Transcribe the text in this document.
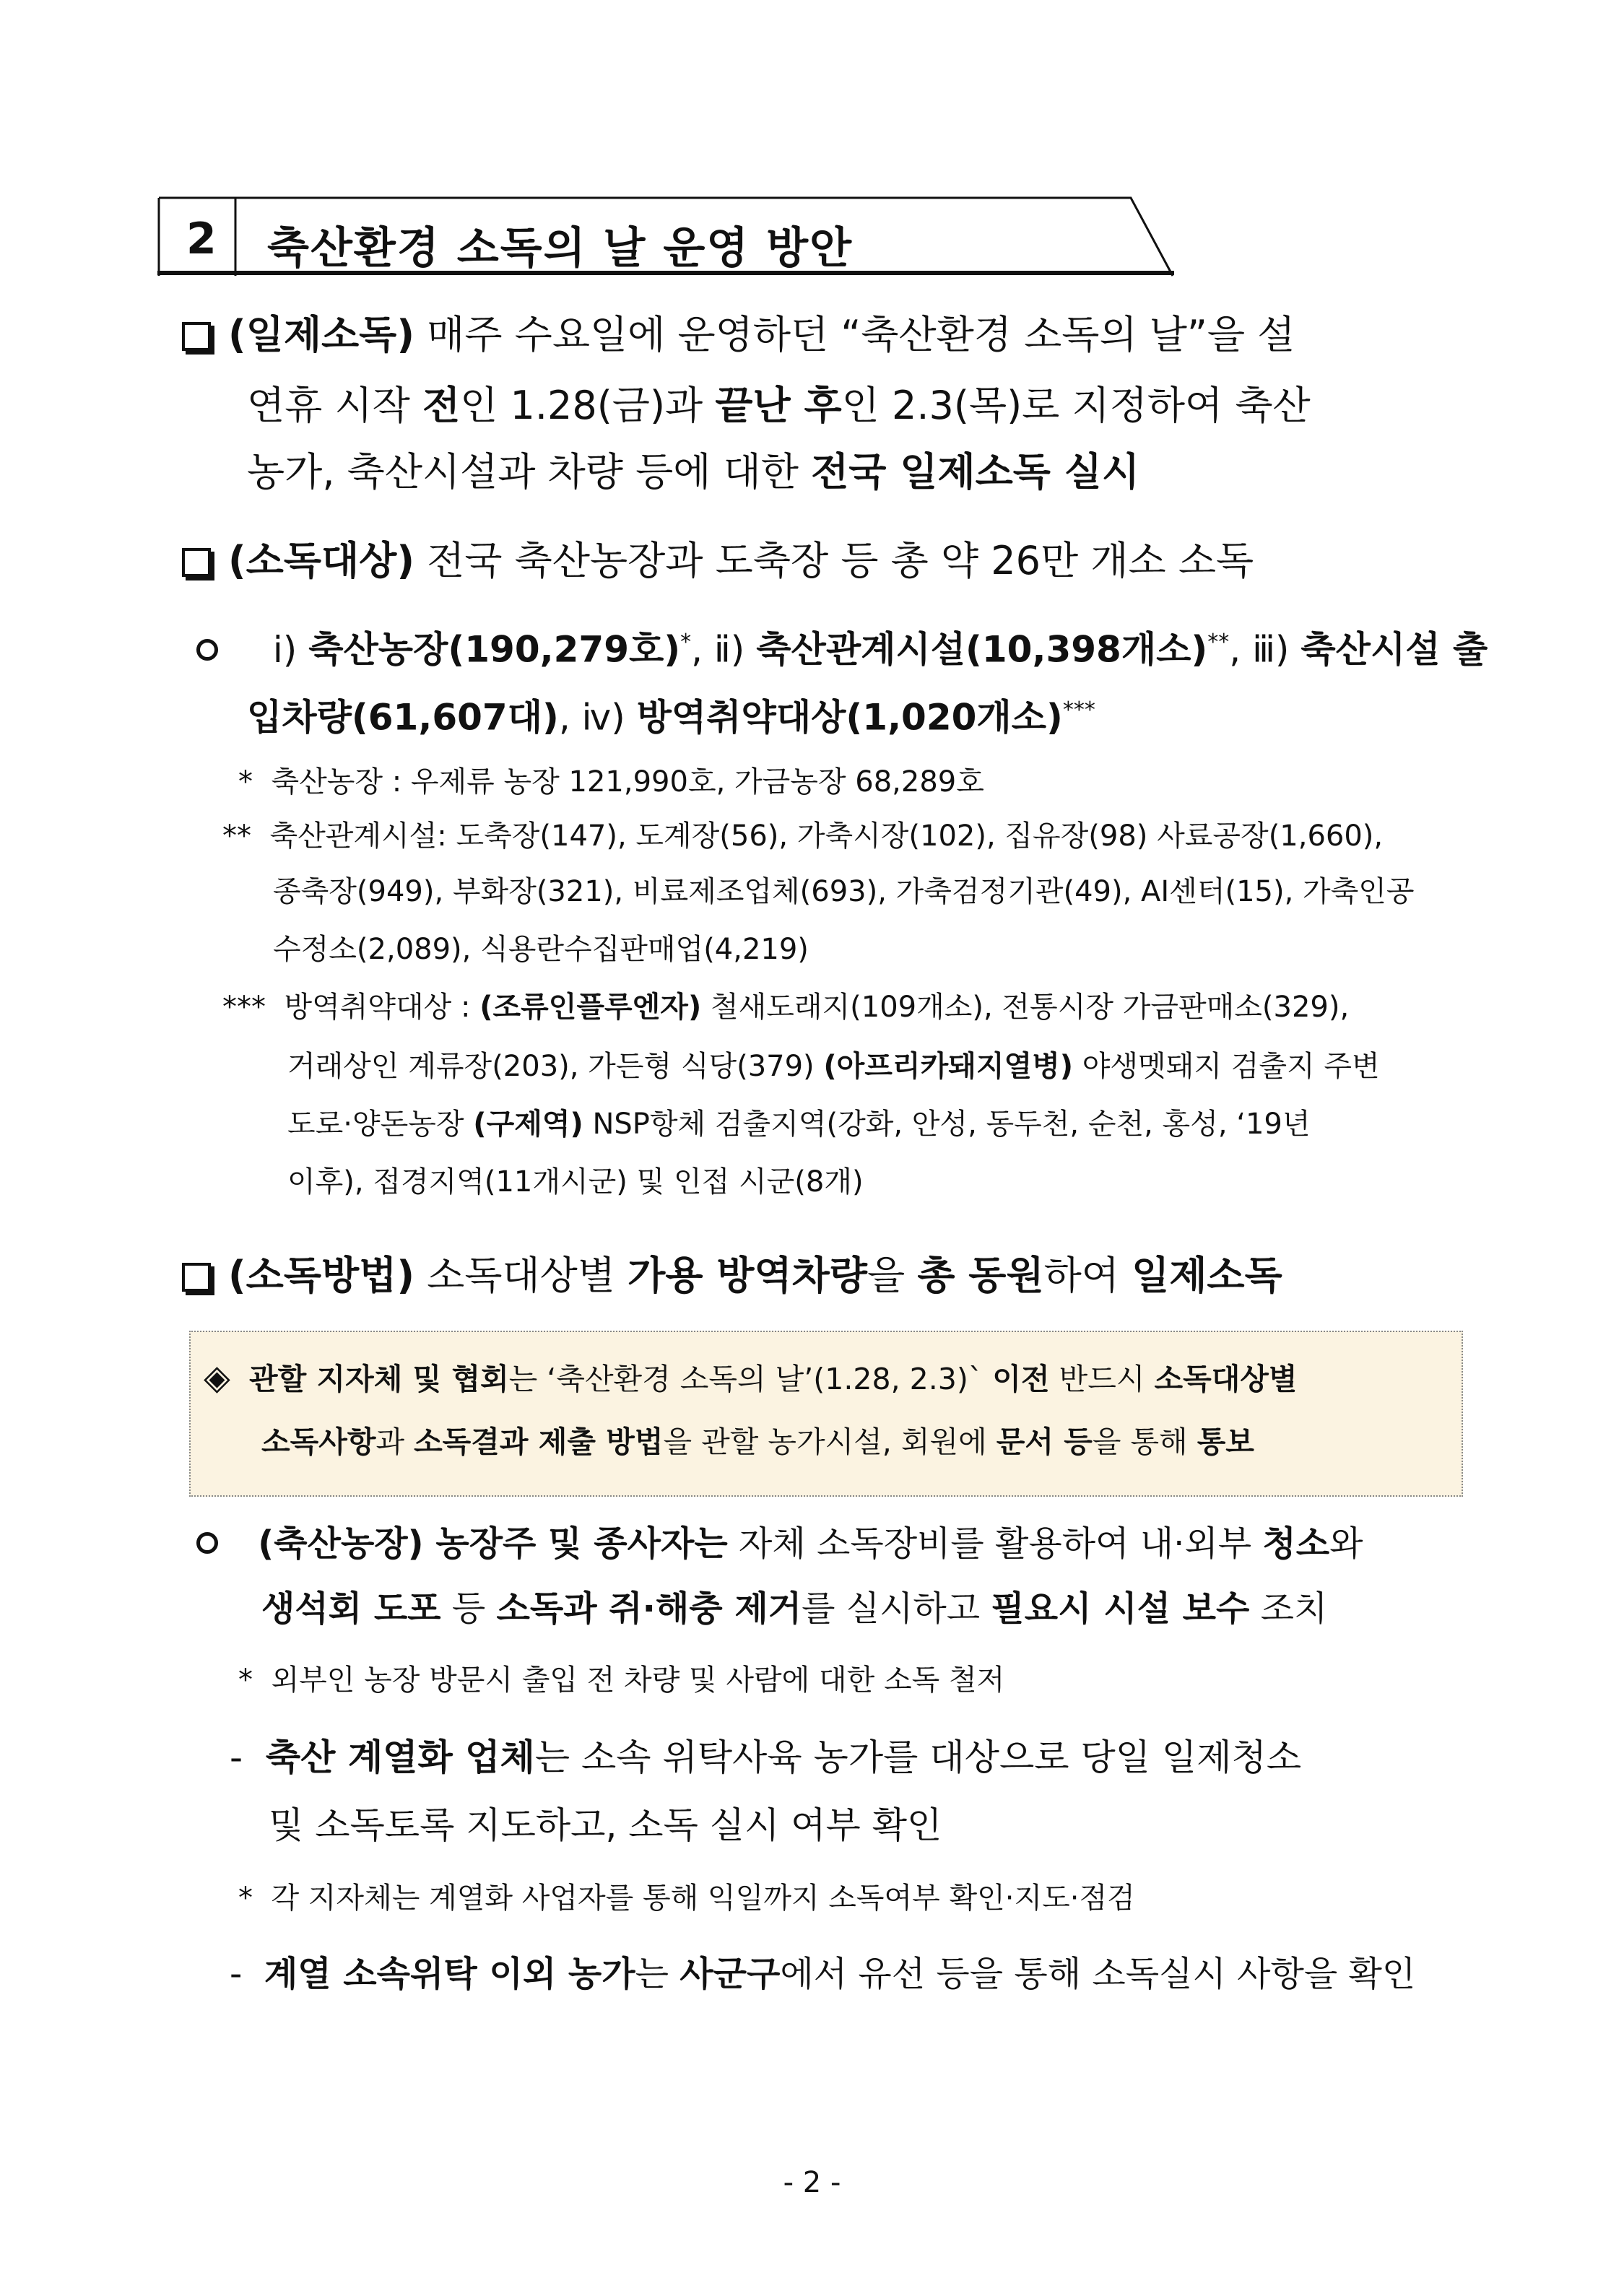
2 축산환경 소독의 날 운영 방안
(일제소독) 매주 수요일에 운영하던 “축산환경 소독의 날”을 설
연휴 시작 전인 1.28(금)과 끝난 후인 2.3(목)로 지정하여 축산
농가, 축산시설과 차량 등에 대한 전국 일제소독 실시
(소독대상) 전국 축산농장과 도축장 등 총 약 26만 개소 소독
ⅰ) 축산농장(190,279호)*, ⅱ) 축산관계시설(10,398개소)**, ⅲ) 축산시설 출
입차량(61,607대), ⅳ) 방역취약대상(1,020개소)***
* 축산농장 : 우제류 농장 121,990호, 가금농장 68,289호
** 축산관계시설: 도축장(147), 도계장(56), 가축시장(102), 집유장(98) 사료공장(1,660),
종축장(949), 부화장(321), 비료제조업체(693), 가축검정기관(49), AI센터(15), 가축인공
수정소(2,089), 식용란수집판매업(4,219)
*** 방역취약대상 : (조류인플루엔자) 철새도래지(109개소), 전통시장 가금판매소(329),
거래상인 계류장(203), 가든형 식당(379) (아프리카돼지열병) 야생멧돼지 검출지 주변
도로·양돈농장 (구제역) NSP항체 검출지역(강화, 안성, 동두천, 순천, 홍성, ‘19년
이후), 접경지역(11개시군) 및 인접 시군(8개)
(소독방법) 소독대상별 가용 방역차량을 총 동원하여 일제소독
◈ 관할 지자체 및 협회는 ‘축산환경 소독의 날’(1.28, 2.3)` 이전 반드시 소독대상별
소독사항과 소독결과 제출 방법을 관할 농가시설, 회원에 문서 등을 통해 통보
(축산농장) 농장주 및 종사자는 자체 소독장비를 활용하여 내·외부 청소와
생석회 도포 등 소독과 쥐·해충 제거를 실시하고 필요시 시설 보수 조치
* 외부인 농장 방문시 출입 전 차량 및 사람에 대한 소독 철저
- 축산 계열화 업체는 소속 위탁사육 농가를 대상으로 당일 일제청소
및 소독토록 지도하고, 소독 실시 여부 확인
* 각 지자체는 계열화 사업자를 통해 익일까지 소독여부 확인·지도·점검
- 계열 소속위탁 이외 농가는 사군구에서 유선 등을 통해 소독실시 사항을 확인
- 2 -
